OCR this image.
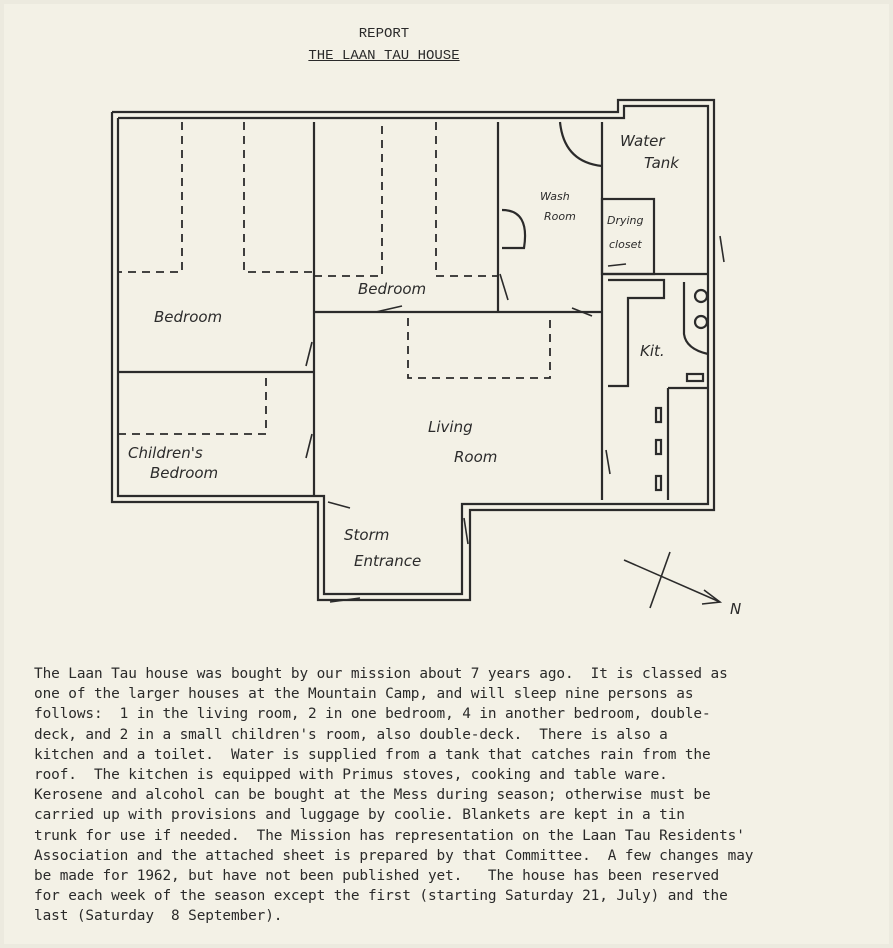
REPORT
THE LAAN TAU HOUSE
Water
Tank
Wash
Room	Drying
closet
Bedroom
Bedroom
Kit.
Living
Room
Children's
Bedroom
Storm
Entrance
N
The Laan Tau house was bought by our mission about 7 years ago.  It is classed as
one of the larger houses at the Mountain Camp, and will sleep nine persons as
follows:  1 in the living room, 2 in one bedroom, 4 in another bedroom, double-
deck, and 2 in a small children's room, also double-deck.  There is also a
kitchen and a toilet.  Water is supplied from a tank that catches rain from the
roof.  The kitchen is equipped with Primus stoves, cooking and table ware.
Kerosene and alcohol can be bought at the Mess during season; otherwise must be
carried up with provisions and luggage by coolie. Blankets are kept in a tin
trunk for use if needed.  The Mission has representation on the Laan Tau Residents'
Association and the attached sheet is prepared by that Committee.  A few changes may
be made for 1962, but have not been published yet.   The house has been reserved
for each week of the season except the first (starting Saturday 21, July) and the
last (Saturday  8 September).
